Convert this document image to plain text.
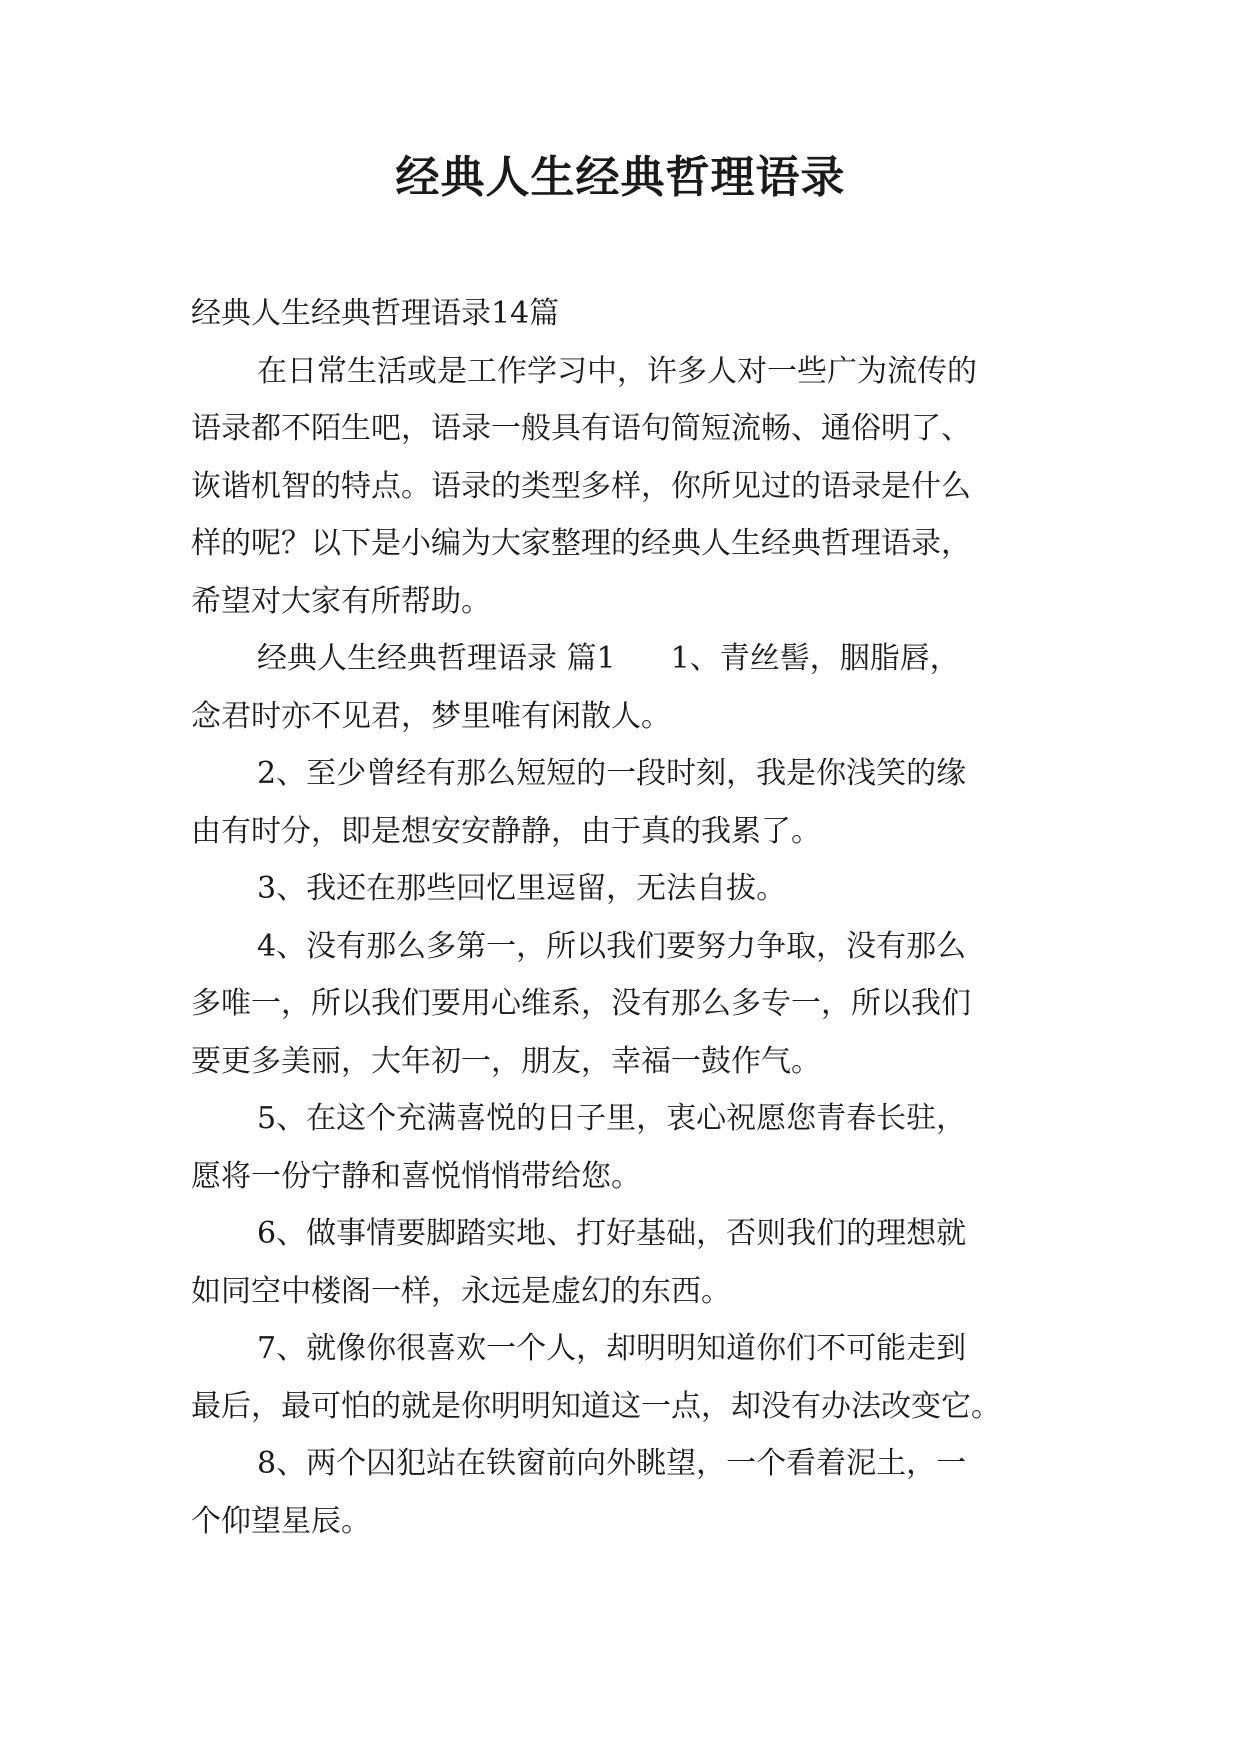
经典人生经典哲理语录
经典人生经典哲理语录14篇
在日常生活或是工作学习中，许多人对一些广为流传的
语录都不陌生吧，语录一般具有语句简短流畅、通俗明了、
诙谐机智的特点。语录的类型多样，你所见过的语录是什么
样的呢？以下是小编为大家整理的经典人生经典哲理语录，
希望对大家有所帮助。
经典人生经典哲理语录 篇1 1、青丝髻，胭脂唇，
念君时亦不见君，梦里唯有闲散人。
2、至少曾经有那么短短的一段时刻，我是你浅笑的缘
由有时分，即是想安安静静，由于真的我累了。
3、我还在那些回忆里逗留，无法自拔。
4、没有那么多第一，所以我们要努力争取，没有那么
多唯一，所以我们要用心维系，没有那么多专一，所以我们
要更多美丽，大年初一，朋友，幸福一鼓作气。
5、在这个充满喜悦的日子里，衷心祝愿您青春长驻，
愿将一份宁静和喜悦悄悄带给您。
6、做事情要脚踏实地、打好基础，否则我们的理想就
如同空中楼阁一样，永远是虚幻的东西。
7、就像你很喜欢一个人，却明明知道你们不可能走到
最后，最可怕的就是你明明知道这一点，却没有办法改变它。
8、两个囚犯站在铁窗前向外眺望，一个看着泥土，一
个仰望星辰。
